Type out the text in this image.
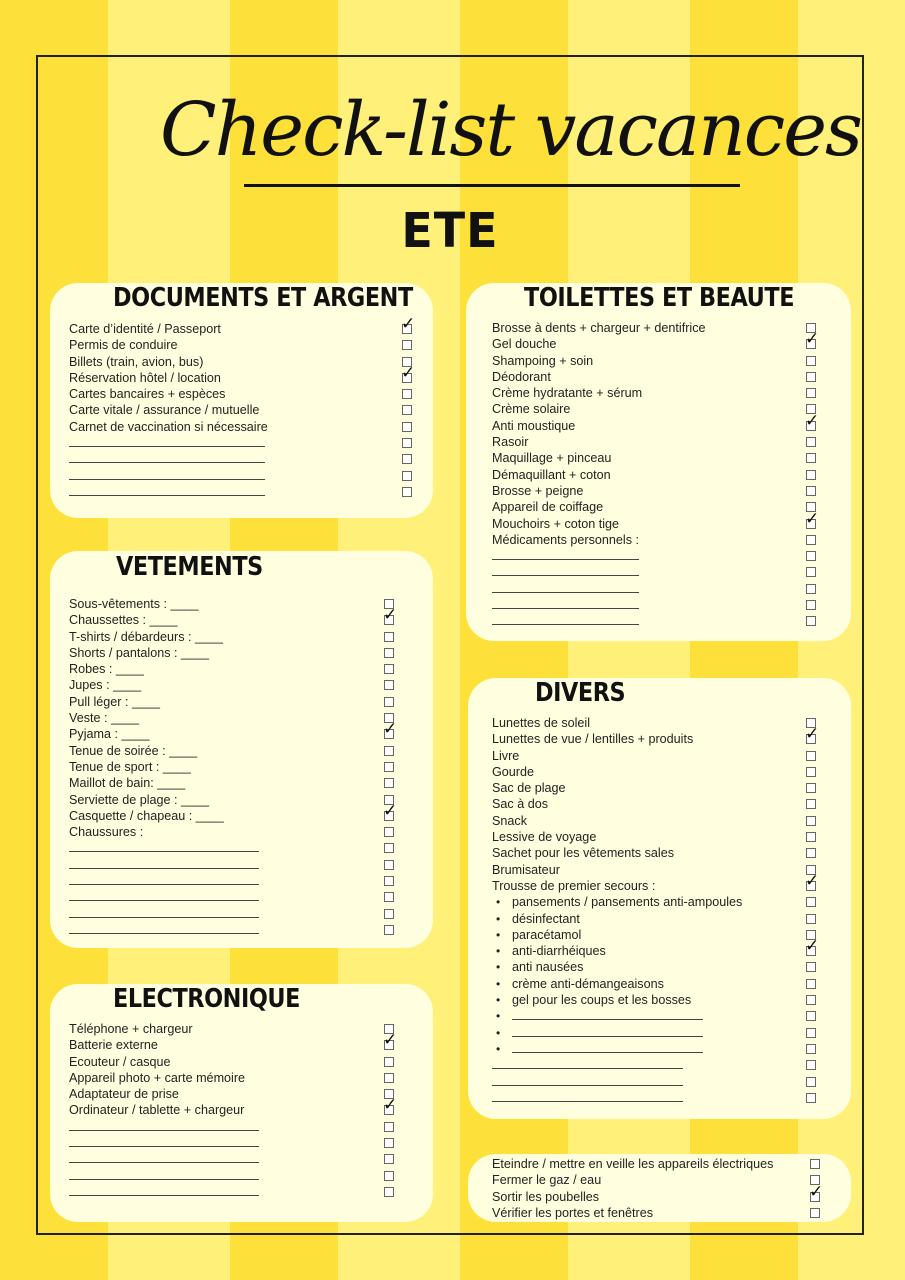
Check-list vacances
ETE
DOCUMENTS ET ARGENT
Carte d’identité / Passeport	✓
Permis de conduire
Billets (train, avion, bus)
Réservation hôtel / location	✓
Cartes bancaires + espèces
Carte vitale / assurance / mutuelle
Carnet de vaccination si nécessaire
VETEMENTS
Sous-vêtements : ____
Chaussettes : ____	✓
T-shirts / débardeurs : ____
Shorts / pantalons : ____
Robes : ____
Jupes : ____
Pull léger : ____
Veste : ____
Pyjama : ____	✓
Tenue de soirée : ____
Tenue de sport : ____
Maillot de bain: ____
Serviette de plage : ____
Casquette / chapeau : ____	✓
Chaussures :
ELECTRONIQUE
Téléphone + chargeur
Batterie externe	✓
Ecouteur / casque
Appareil photo + carte mémoire
Adaptateur de prise
Ordinateur / tablette + chargeur	✓
TOILETTES ET BEAUTE
Brosse à dents + chargeur + dentifrice
Gel douche	✓
Shampoing + soin
Déodorant
Crème hydratante + sérum
Crème solaire
Anti moustique	✓
Rasoir
Maquillage + pinceau
Démaquillant + coton
Brosse + peigne
Appareil de coiffage
Mouchoirs + coton tige	✓
Médicaments personnels :
DIVERS
Lunettes de soleil
Lunettes de vue / lentilles + produits	✓
Livre
Gourde
Sac de plage
Sac à dos
Snack
Lessive de voyage
Sachet pour les vêtements sales
Brumisateur
Trousse de premier secours :	✓
• pansements / pansements anti-ampoules
• désinfectant
• paracétamol
• anti-diarrhéiques	✓
• anti nausées
• crème anti-démangeaisons
• gel pour les coups et les bosses
•
•
•
Eteindre / mettre en veille les appareils électriques
Fermer le gaz / eau
Sortir les poubelles	✓
Vérifier les portes et fenêtres
